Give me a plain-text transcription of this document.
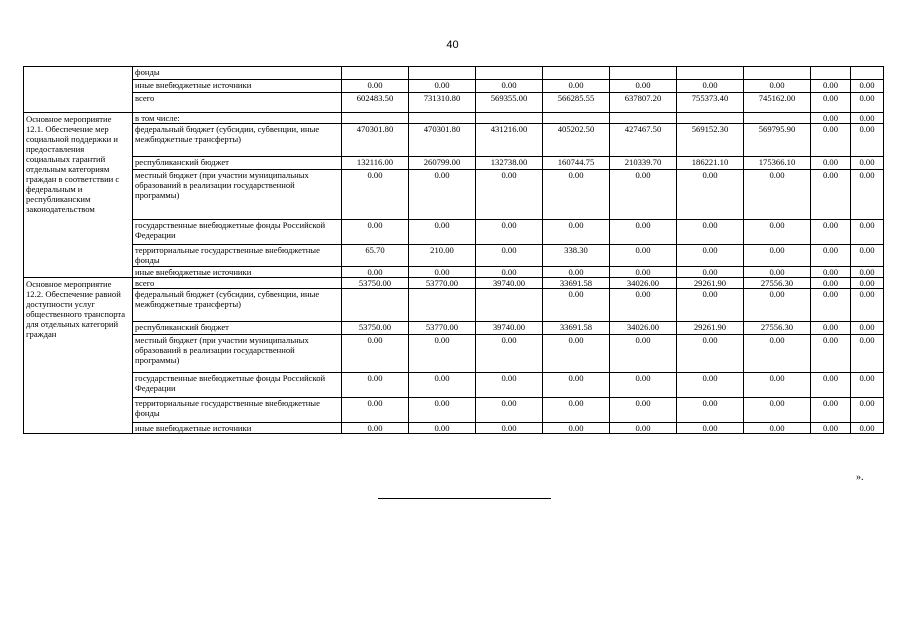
40
	фонды									
	иные внебюджетные источники	0.00	0.00	0.00	0.00	0.00	0.00	0.00	0.00	0.00
	всего	602483.50	731310.80	569355.00	566285.55	637807.20	755373.40	745162.00	0.00	0.00
Основное мероприятие 12.1. Обеспечение мер социальной поддержки и предоставления социальных гарантий отдельным категориям граждан в соответствии с федеральным и республиканским законодательством	в том числе:								0.00	0.00
	федеральный бюджет (субсидии, субвенции, иные межбюджетные трансферты)	470301.80	470301.80	431216.00	405202.50	427467.50	569152.30	569795.90	0.00	0.00
	республиканский бюджет	132116.00	260799.00	132738.00	160744.75	210339.70	186221.10	175366.10	0.00	0.00
	местный бюджет (при участии муниципальных образований в реализации государственной программы)	0.00	0.00	0.00	0.00	0.00	0.00	0.00	0.00	0.00
	государственные внебюджетные фонды Российской Федерации	0.00	0.00	0.00	0.00	0.00	0.00	0.00	0.00	0.00
	территориальные государственные внебюджетные фонды	65.70	210.00	0.00	338.30	0.00	0.00	0.00	0.00	0.00
	иные внебюджетные источники	0.00	0.00	0.00	0.00	0.00	0.00	0.00	0.00	0.00
Основное мероприятие 12.2. Обеспечение равной доступности услуг общественного транспорта для отдельных категорий граждан	всего	53750.00	53770.00	39740.00	33691.58	34026.00	29261.90	27556.30	0.00	0.00
	федеральный бюджет (субсидии, субвенции, иные межбюджетные трансферты)				0.00	0.00	0.00	0.00	0.00	0.00
	республиканский бюджет	53750.00	53770.00	39740.00	33691.58	34026.00	29261.90	27556.30	0.00	0.00
	местный бюджет (при участии муниципальных образований в реализации государственной программы)	0.00	0.00	0.00	0.00	0.00	0.00	0.00	0.00	0.00
	государственные внебюджетные фонды Российской Федерации	0.00	0.00	0.00	0.00	0.00	0.00	0.00	0.00	0.00
	территориальные государственные внебюджетные фонды	0.00	0.00	0.00	0.00	0.00	0.00	0.00	0.00	0.00
	иные внебюджетные источники	0.00	0.00	0.00	0.00	0.00	0.00	0.00	0.00	0.00
».
